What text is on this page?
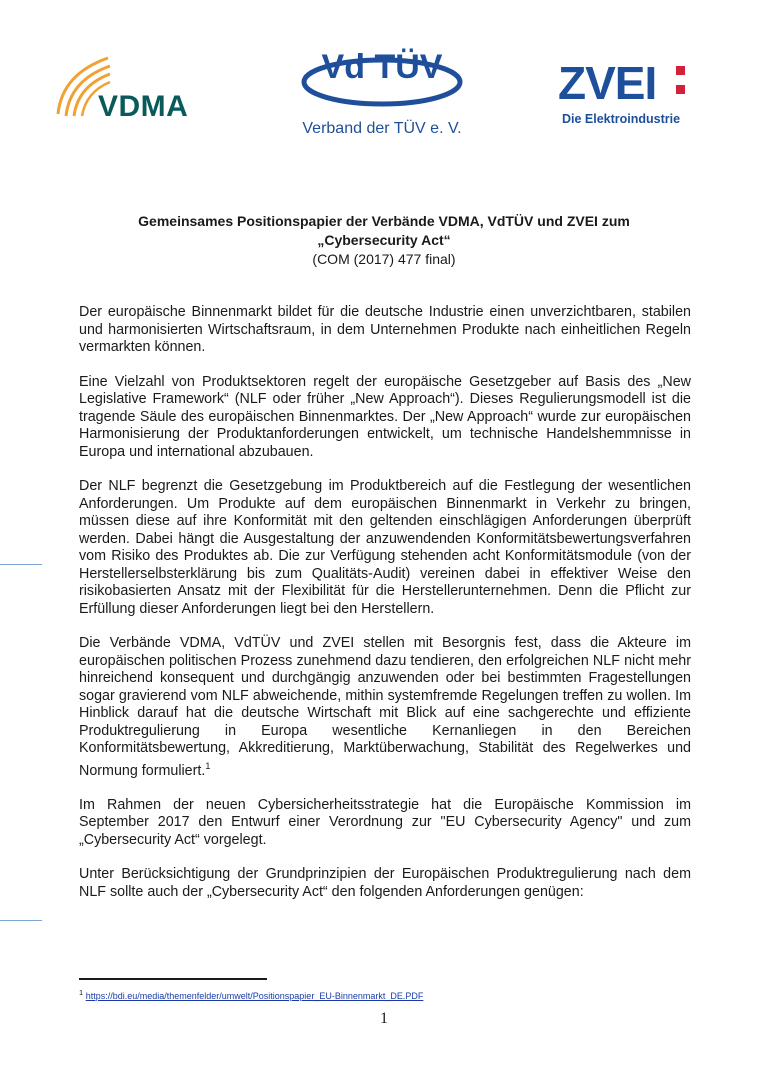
VDMA
Vd TÜV
Verband der TÜV e. V.
ZVEI
Die Elektroindustrie

Gemeinsames Positionspapier der Verbände VDMA, VdTÜV und ZVEI zum

„Cybersecurity Act“

(COM (2017) 477 final)

Der europäische Binnenmarkt bildet für die deutsche Industrie einen unverzichtbaren, stabilen und harmonisierten Wirtschaftsraum, in dem Unternehmen Produkte nach einheitlichen Regeln vermarkten können.

Eine Vielzahl von Produktsektoren regelt der europäische Gesetzgeber auf Basis des „New Legislative Framework“ (NLF oder früher „New Approach“). Dieses Regulierungsmodell ist die tragende Säule des europäischen Binnenmarktes. Der „New Approach“ wurde zur europäischen Harmonisierung der Produktanforderungen entwickelt, um technische Handelshemmnisse in Europa und international abzubauen.

Der NLF begrenzt die Gesetzgebung im Produktbereich auf die Festlegung der wesentlichen Anforderungen. Um Produkte auf dem europäischen Binnenmarkt in Verkehr zu bringen, müssen diese auf ihre Konformität mit den geltenden einschlägigen Anforderungen überprüft werden. Dabei hängt die Ausgestaltung der anzuwendenden Konformitätsbewertungsverfahren vom Risiko des Produktes ab. Die zur Verfügung stehenden acht Konformitätsmodule (von der Herstellerselbsterklärung bis zum Qualitäts-Audit) vereinen dabei in effektiver Weise den risikobasierten Ansatz mit der Flexibilität für die Herstellerunternehmen. Denn die Pflicht zur Erfüllung dieser Anforderungen liegt bei den Herstellern.

Die Verbände VDMA, VdTÜV und ZVEI stellen mit Besorgnis fest, dass die Akteure im europäischen politischen Prozess zunehmend dazu tendieren, den erfolgreichen NLF nicht mehr hinreichend konsequent und durchgängig anzuwenden oder bei bestimmten Fragestellungen sogar gravierend vom NLF abweichende, mithin systemfremde Regelungen treffen zu wollen. Im Hinblick darauf hat die deutsche Wirtschaft mit Blick auf eine sachgerechte und effiziente Produktregulierung in Europa wesentliche Kernanliegen in den Bereichen Konformitätsbewertung, Akkreditierung, Marktüberwachung, Stabilität des Regelwerkes und Normung formuliert.$^1$

Im Rahmen der neuen Cybersicherheitsstrategie hat die Europäische Kommission im September 2017 den Entwurf einer Verordnung zur "EU Cybersecurity Agency" und zum „Cybersecurity Act“ vorgelegt.

Unter Berücksichtigung der Grundprinzipien der Europäischen Produktregulierung nach dem NLF sollte auch der „Cybersecurity Act“ den folgenden Anforderungen genügen:

$^1$ https://bdi.eu/media/themenfelder/umwelt/Positionspapier_EU-Binnenmarkt_DE.PDF
1
